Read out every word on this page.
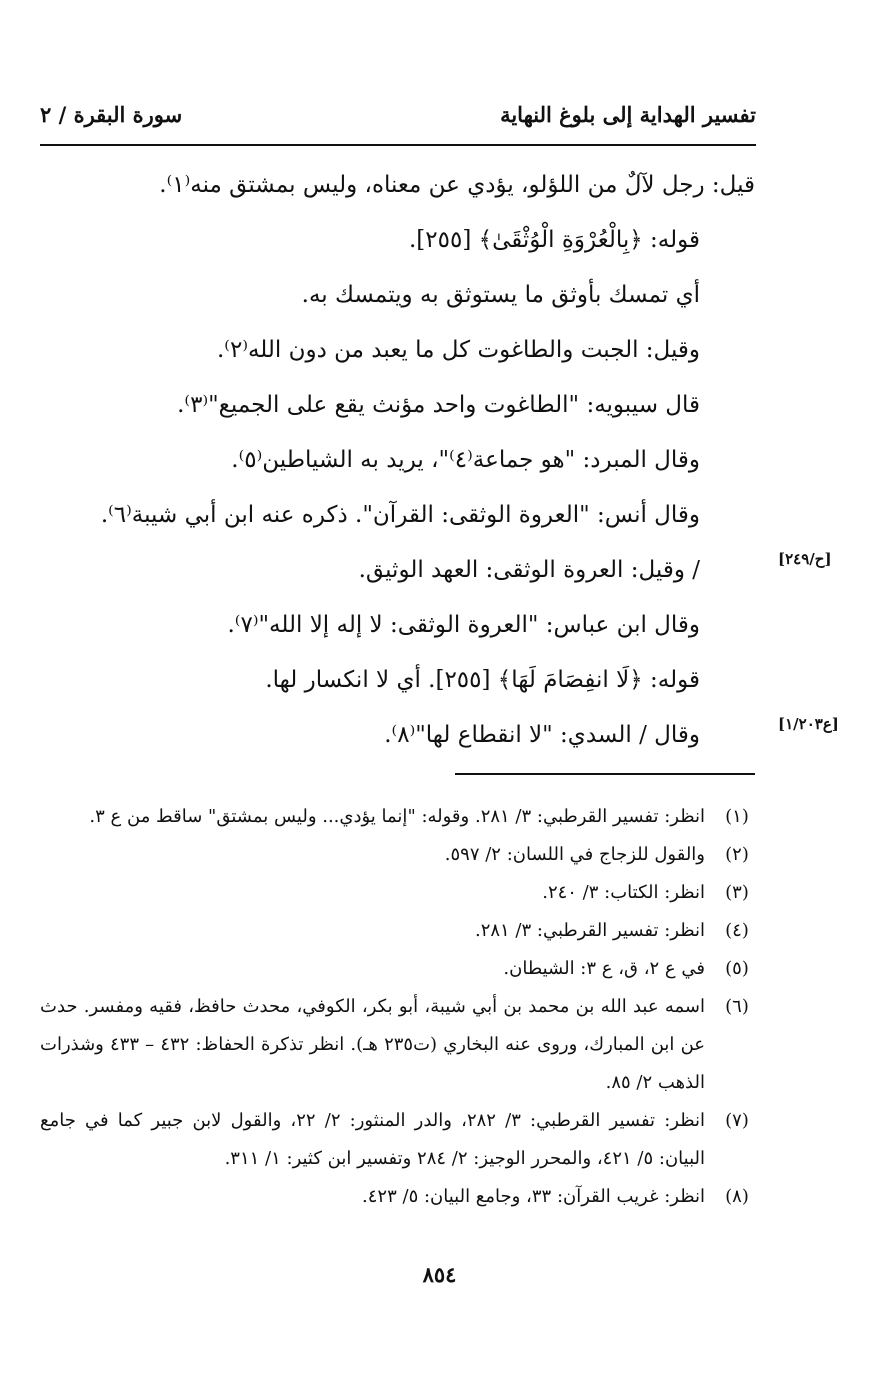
تفسير الهداية إلى بلوغ النهاية
سورة البقرة / ٢

قيل: رجل لآلٌ من اللؤلو، يؤدي عن معناه، وليس بمشتق منه⁽١⁾.

قوله: ﴿بِالْعُرْوَةِ الْوُثْقَىٰ﴾ [٢٥٥].

أي تمسك بأوثق ما يستوثق به ويتمسك به.

وقيل: الجبت والطاغوت كل ما يعبد من دون الله⁽٢⁾.

قال سيبويه: "الطاغوت واحد مؤنث يقع على الجميع"⁽٣⁾.

وقال المبرد: "هو جماعة⁽٤⁾"، يريد به الشياطين⁽٥⁾.

وقال أنس: "العروة الوثقى: القرآن". ذكره عنه ابن أبي شيبة⁽٦⁾.

/ وقيل: العروة الوثقى: العهد الوثيق.

وقال ابن عباس: "العروة الوثقى: لا إله إلا الله"⁽٧⁾.

قوله: ﴿لَا انفِصَامَ لَهَا﴾ [٢٥٥]. أي لا انكسار لها.

وقال / السدي: "لا انقطاع لها"⁽٨⁾.

[ح/٢٤٩]
[ع١/٢٠٣]
(١)
انظر: تفسير القرطبي: ٣/ ٢٨١. وقوله: "إنما يؤدي... وليس بمشتق" ساقط من ع ٣.
(٢)
والقول للزجاج في اللسان: ٢/ ٥٩٧.
(٣)
انظر: الكتاب: ٣/ ٢٤٠.
(٤)
انظر: تفسير القرطبي: ٣/ ٢٨١.
(٥)
في ع ٢، ق، ع ٣: الشيطان.
(٦)
اسمه عبد الله بن محمد بن أبي شيبة، أبو بكر، الكوفي، محدث حافظ، فقيه ومفسر. حدث عن ابن المبارك، وروى عنه البخاري (ت٢٣٥ هـ). انظر تذكرة الحفاظ: ٤٣٢ – ٤٣٣ وشذرات الذهب ٢/ ٨٥.
(٧)
انظر: تفسير القرطبي: ٣/ ٢٨٢، والدر المنثور: ٢/ ٢٢، والقول لابن جبير كما في جامع البيان: ٥/ ٤٢١، والمحرر الوجيز: ٢/ ٢٨٤ وتفسير ابن كثير: ١/ ٣١١.
(٨)
انظر: غريب القرآن: ٣٣، وجامع البيان: ٥/ ٤٢٣.
٨٥٤
